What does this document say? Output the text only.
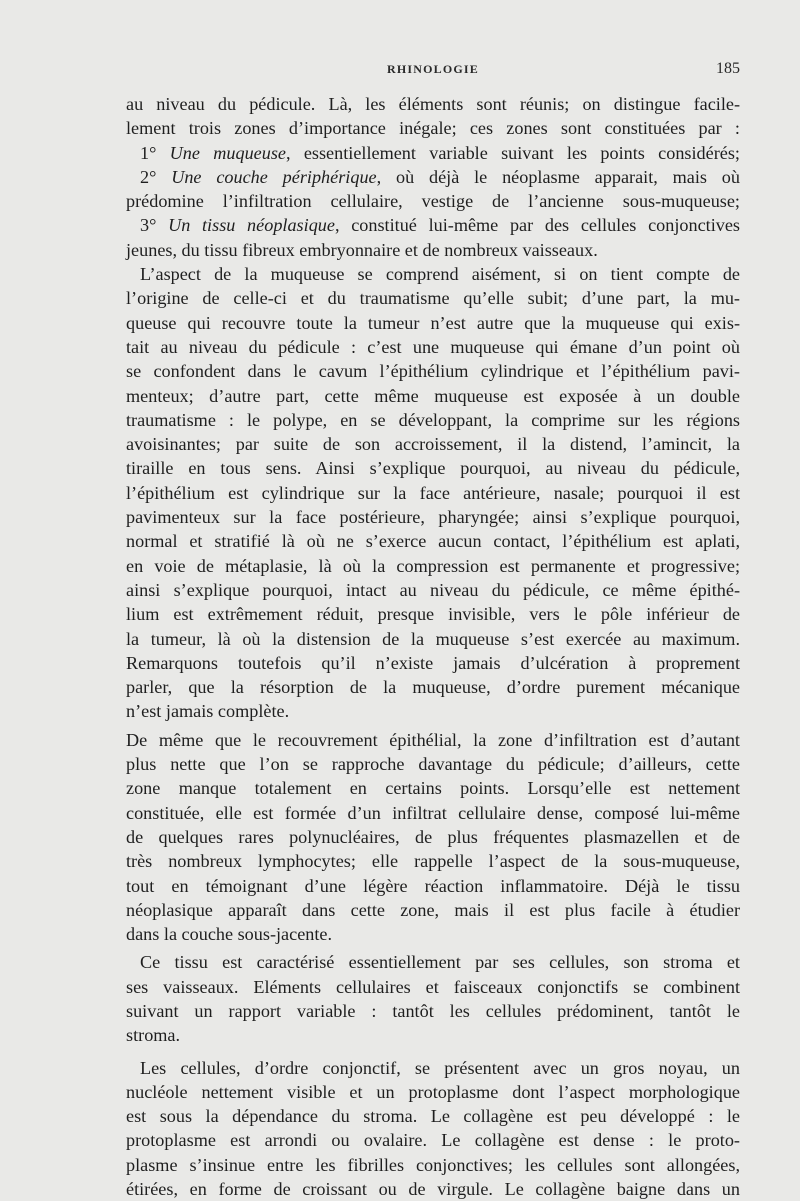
RHINOLOGIE	185
au niveau du pédicule. Là, les éléments sont réunis; on distingue facile-
lement trois zones d’importance inégale; ces zones sont constituées par :
1° Une muqueuse, essentiellement variable suivant les points considérés;
2° Une couche périphérique, où déjà le néoplasme apparait, mais où
prédomine l’infiltration cellulaire, vestige de l’ancienne sous-muqueuse;
3° Un tissu néoplasique, constitué lui-même par des cellules conjonctives
jeunes, du tissu fibreux embryonnaire et de nombreux vaisseaux.
L’aspect de la muqueuse se comprend aisément, si on tient compte de
l’origine de celle-ci et du traumatisme qu’elle subit; d’une part, la mu-
queuse qui recouvre toute la tumeur n’est autre que la muqueuse qui exis-
tait au niveau du pédicule : c’est une muqueuse qui émane d’un point où
se confondent dans le cavum l’épithélium cylindrique et l’épithélium pavi-
menteux; d’autre part, cette même muqueuse est exposée à un double
traumatisme : le polype, en se développant, la comprime sur les régions
avoisinantes; par suite de son accroissement, il la distend, l’amincit, la
tiraille en tous sens. Ainsi s’explique pourquoi, au niveau du pédicule,
l’épithélium est cylindrique sur la face antérieure, nasale; pourquoi il est
pavimenteux sur la face postérieure, pharyngée; ainsi s’explique pourquoi,
normal et stratifié là où ne s’exerce aucun contact, l’épithélium est aplati,
en voie de métaplasie, là où la compression est permanente et progressive;
ainsi s’explique pourquoi, intact au niveau du pédicule, ce même épithé-
lium est extrêmement réduit, presque invisible, vers le pôle inférieur de
la tumeur, là où la distension de la muqueuse s’est exercée au maximum.
Remarquons toutefois qu’il n’existe jamais d’ulcération à proprement
parler, que la résorption de la muqueuse, d’ordre purement mécanique
n’est jamais complète.
De même que le recouvrement épithélial, la zone d’infiltration est d’autant
plus nette que l’on se rapproche davantage du pédicule; d’ailleurs, cette
zone manque totalement en certains points. Lorsqu’elle est nettement
constituée, elle est formée d’un infiltrat cellulaire dense, composé lui-même
de quelques rares polynucléaires, de plus fréquentes plasmazellen et de
très nombreux lymphocytes; elle rappelle l’aspect de la sous-muqueuse,
tout en témoignant d’une légère réaction inflammatoire. Déjà le tissu
néoplasique apparaît dans cette zone, mais il est plus facile à étudier
dans la couche sous-jacente.
Ce tissu est caractérisé essentiellement par ses cellules, son stroma et
ses vaisseaux. Eléments cellulaires et faisceaux conjonctifs se combinent
suivant un rapport variable : tantôt les cellules prédominent, tantôt le
stroma.
Les cellules, d’ordre conjonctif, se présentent avec un gros noyau, un
nucléole nettement visible et un protoplasme dont l’aspect morphologique
est sous la dépendance du stroma. Le collagène est peu développé : le
protoplasme est arrondi ou ovalaire. Le collagène est dense : le proto-
plasme s’insinue entre les fibrilles conjonctives; les cellules sont allongées,
étirées, en forme de croissant ou de virgule. Le collagène baigne dans un
